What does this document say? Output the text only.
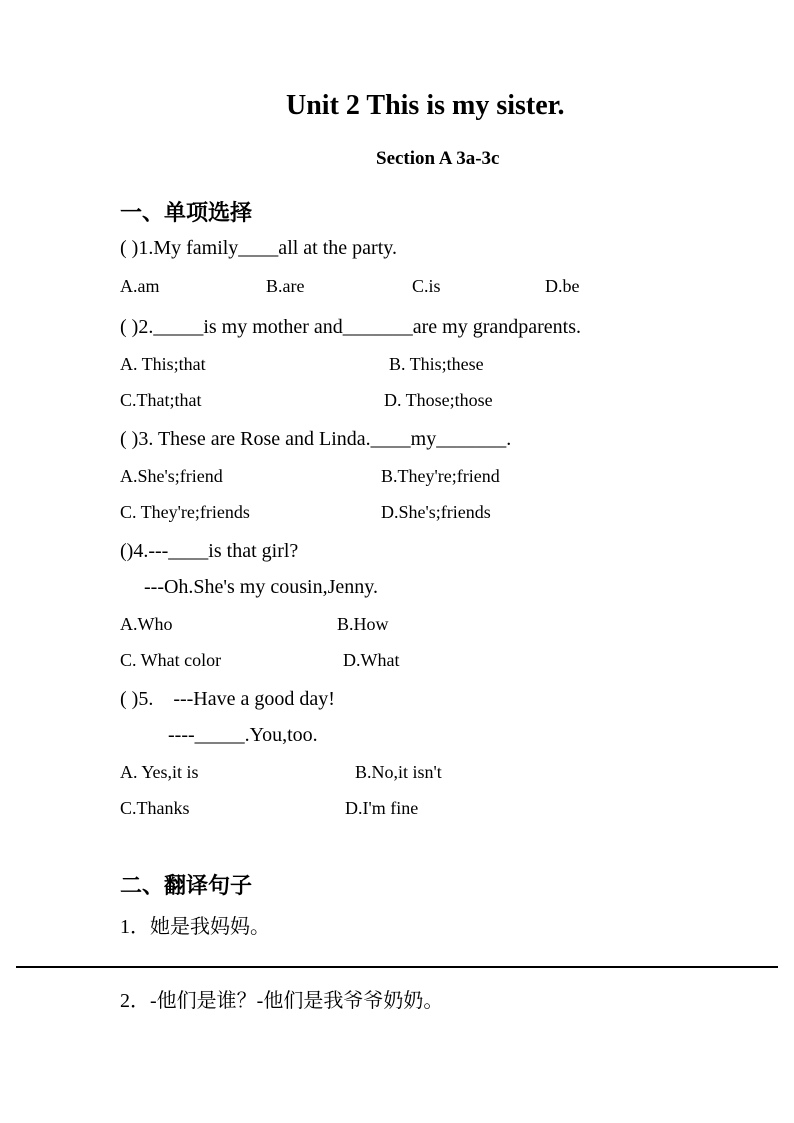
Unit 2 This is my sister.
Section A 3a-3c
一、单项选择
( )1.My family____all at the party.
A.am	B.are	C.is	D.be
( )2._____is my mother and_______are my grandparents.
A. This;that	B. This;these
C.That;that	D. Those;those
( )3. These are Rose and Linda.____my_______.
A.She's;friend	B.They're;friend
C. They're;friends	D.She's;friends
()4.---____is that girl?
---Oh.She's my cousin,Jenny.
A.Who	B.How
C. What color	D.What
( )5.    ---Have a good day!
----_____.You,too.
A. Yes,it is	B.No,it isn't
C.Thanks	D.I'm fine
二、翻译句子
1．她是我妈妈。
2．-他们是谁？-他们是我爷爷奶奶。
